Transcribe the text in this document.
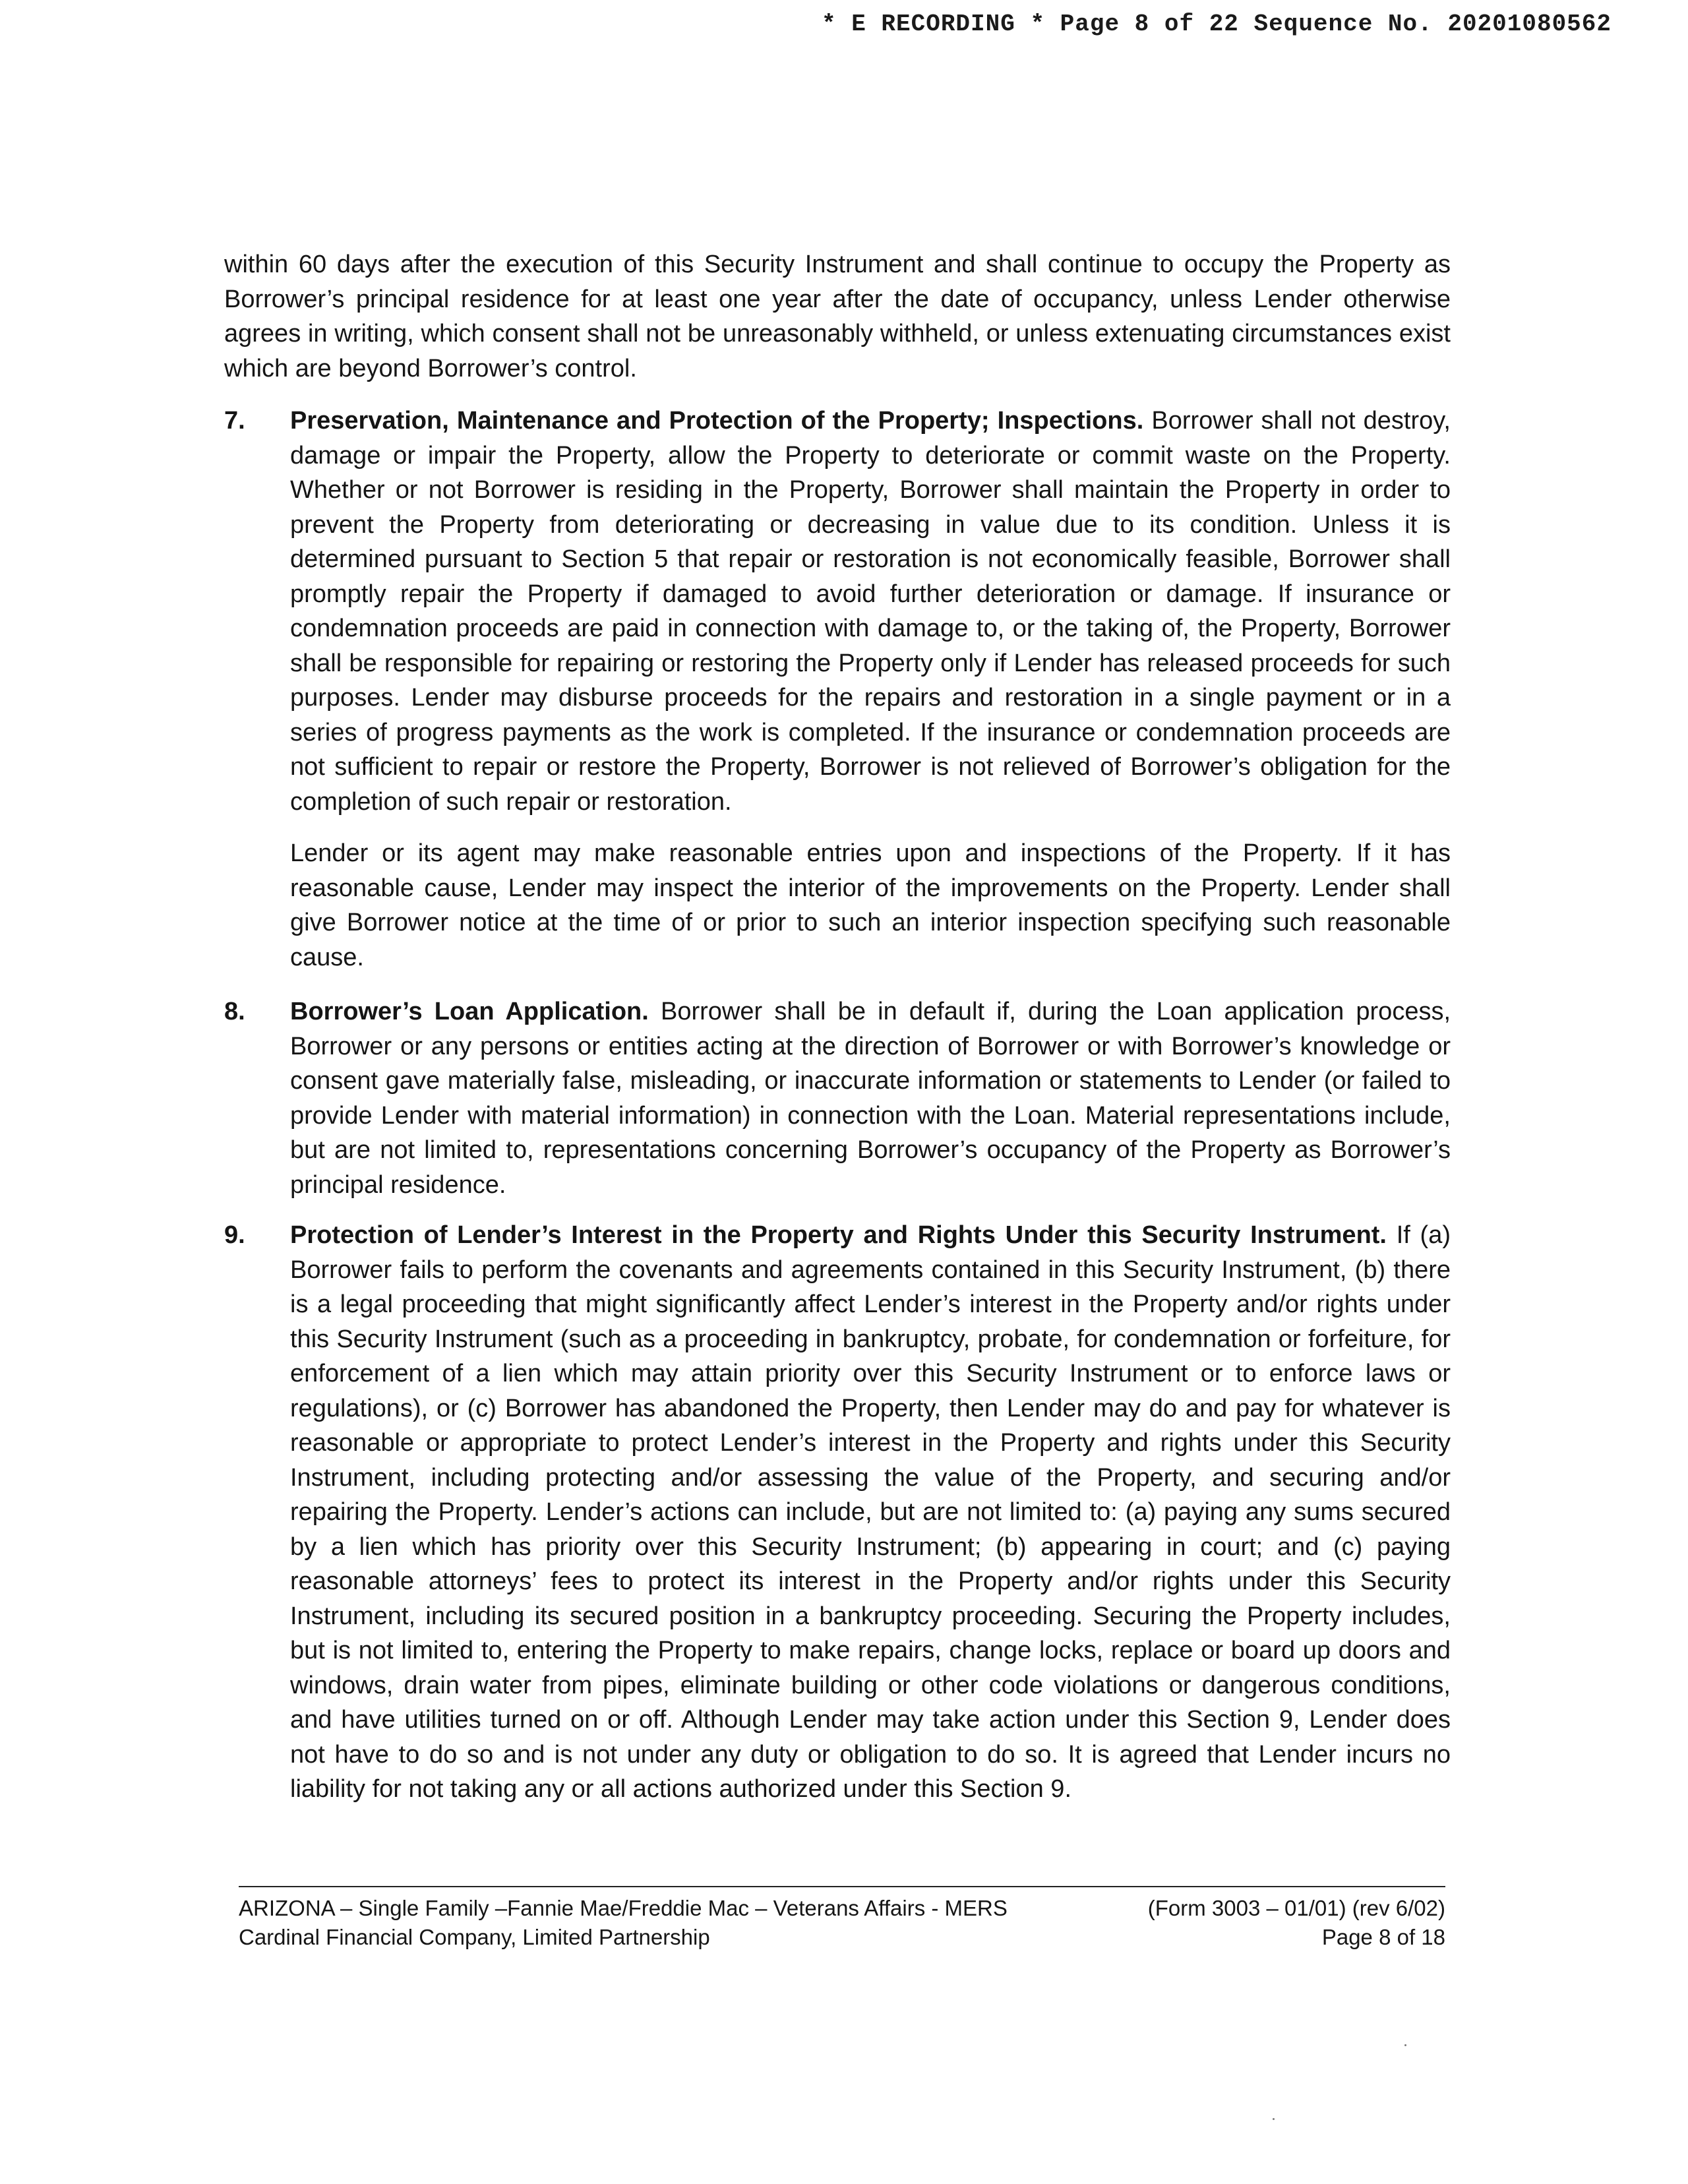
* E RECORDING * Page 8 of 22 Sequence No. 20201080562

within 60 days after the execution of this Security Instrument and shall continue to occupy the Property as Borrower’s principal residence for at least one year after the date of occupancy, unless Lender otherwise agrees in writing, which consent shall not be unreasonably withheld, or unless extenuating circumstances exist which are beyond Borrower’s control.

7.	Preservation, Maintenance and Protection of the Property; Inspections. Borrower shall not destroy, damage or impair the Property, allow the Property to deteriorate or commit waste on the Property. Whether or not Borrower is residing in the Property, Borrower shall maintain the Property in order to prevent the Property from deteriorating or decreasing in value due to its condition. Unless it is determined pursuant to Section 5 that repair or restoration is not economically feasible, Borrower shall promptly repair the Property if damaged to avoid further deterioration or damage. If insurance or condemnation proceeds are paid in connection with damage to, or the taking of, the Property, Borrower shall be responsible for repairing or restoring the Property only if Lender has released proceeds for such purposes. Lender may disburse proceeds for the repairs and restoration in a single payment or in a series of progress payments as the work is completed. If the insurance or condemnation proceeds are not sufficient to repair or restore the Property, Borrower is not relieved of Borrower’s obligation for the completion of such repair or restoration.

Lender or its agent may make reasonable entries upon and inspections of the Property. If it has reasonable cause, Lender may inspect the interior of the improvements on the Property. Lender shall give Borrower notice at the time of or prior to such an interior inspection specifying such reasonable cause.

8.	Borrower’s Loan Application. Borrower shall be in default if, during the Loan application process, Borrower or any persons or entities acting at the direction of Borrower or with Borrower’s knowledge or consent gave materially false, misleading, or inaccurate information or statements to Lender (or failed to provide Lender with material information) in connection with the Loan. Material representations include, but are not limited to, representations concerning Borrower’s occupancy of the Property as Borrower’s principal residence.
9.	Protection of Lender’s Interest in the Property and Rights Under this Security Instrument. If (a) Borrower fails to perform the covenants and agreements contained in this Security Instrument, (b) there is a legal proceeding that might significantly affect Lender’s interest in the Property and/or rights under this Security Instrument (such as a proceeding in bankruptcy, probate, for condemnation or forfeiture, for enforcement of a lien which may attain priority over this Security Instrument or to enforce laws or regulations), or (c) Borrower has abandoned the Property, then Lender may do and pay for whatever is reasonable or appropriate to protect Lender’s interest in the Property and rights under this Security Instrument, including protecting and/or assessing the value of the Property, and securing and/or repairing the Property. Lender’s actions can include, but are not limited to: (a) paying any sums secured by a lien which has priority over this Security Instrument; (b) appearing in court; and (c) paying reasonable attorneys’ fees to protect its interest in the Property and/or rights under this Security Instrument, including its secured position in a bankruptcy proceeding. Securing the Property includes, but is not limited to, entering the Property to make repairs, change locks, replace or board up doors and windows, drain water from pipes, eliminate building or other code violations or dangerous conditions, and have utilities turned on or off. Although Lender may take action under this Section 9, Lender does not have to do so and is not under any duty or obligation to do so. It is agreed that Lender incurs no liability for not taking any or all actions authorized under this Section 9.
ARIZONA – Single Family –Fannie Mae/Freddie Mac – Veterans Affairs - MERS	(Form 3003 – 01/01) (rev 6/02)
Cardinal Financial Company, Limited Partnership	Page 8 of 18
